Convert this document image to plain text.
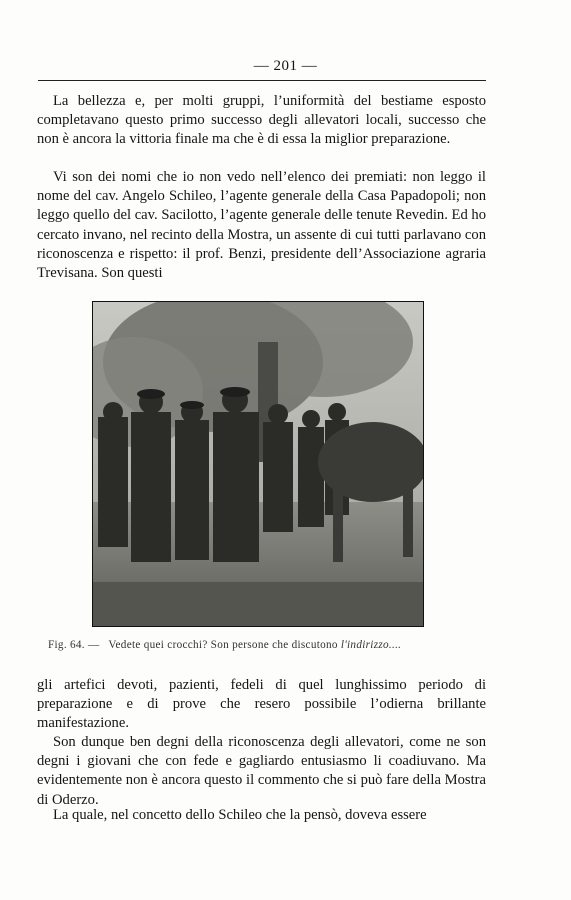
— 201 —

La bellezza e, per molti gruppi, l’uniformità del bestiame esposto completavano questo primo successo degli allevatori locali, successo che non è ancora la vittoria finale ma che è di essa la miglior preparazione.

Vi son dei nomi che io non vedo nell’elenco dei premiati: non leggo il nome del cav. Angelo Schileo, l’agente generale della Casa Papadopoli; non leggo quello del cav. Sacilotto, l’agente generale delle tenute Revedin. Ed ho cercato invano, nel recinto della Mostra, un assente di cui tutti parlavano con riconoscenza e rispetto: il prof. Benzi, presidente dell’Associazione agraria Trevisana. Son questi

Fig. 64. — Vedete quei crocchi? Son persone che discutono l'indirizzo....

gli artefici devoti, pazienti, fedeli di quel lunghissimo periodo di preparazione e di prove che resero possibile l’odierna brillante manifestazione.

Son dunque ben degni della riconoscenza degli allevatori, come ne son degni i giovani che con fede e gagliardo entusiasmo li coadiuvano. Ma evidentemente non è ancora questo il commento che si può fare della Mostra di Oderzo.

La quale, nel concetto dello Schileo che la pensò, doveva essere
